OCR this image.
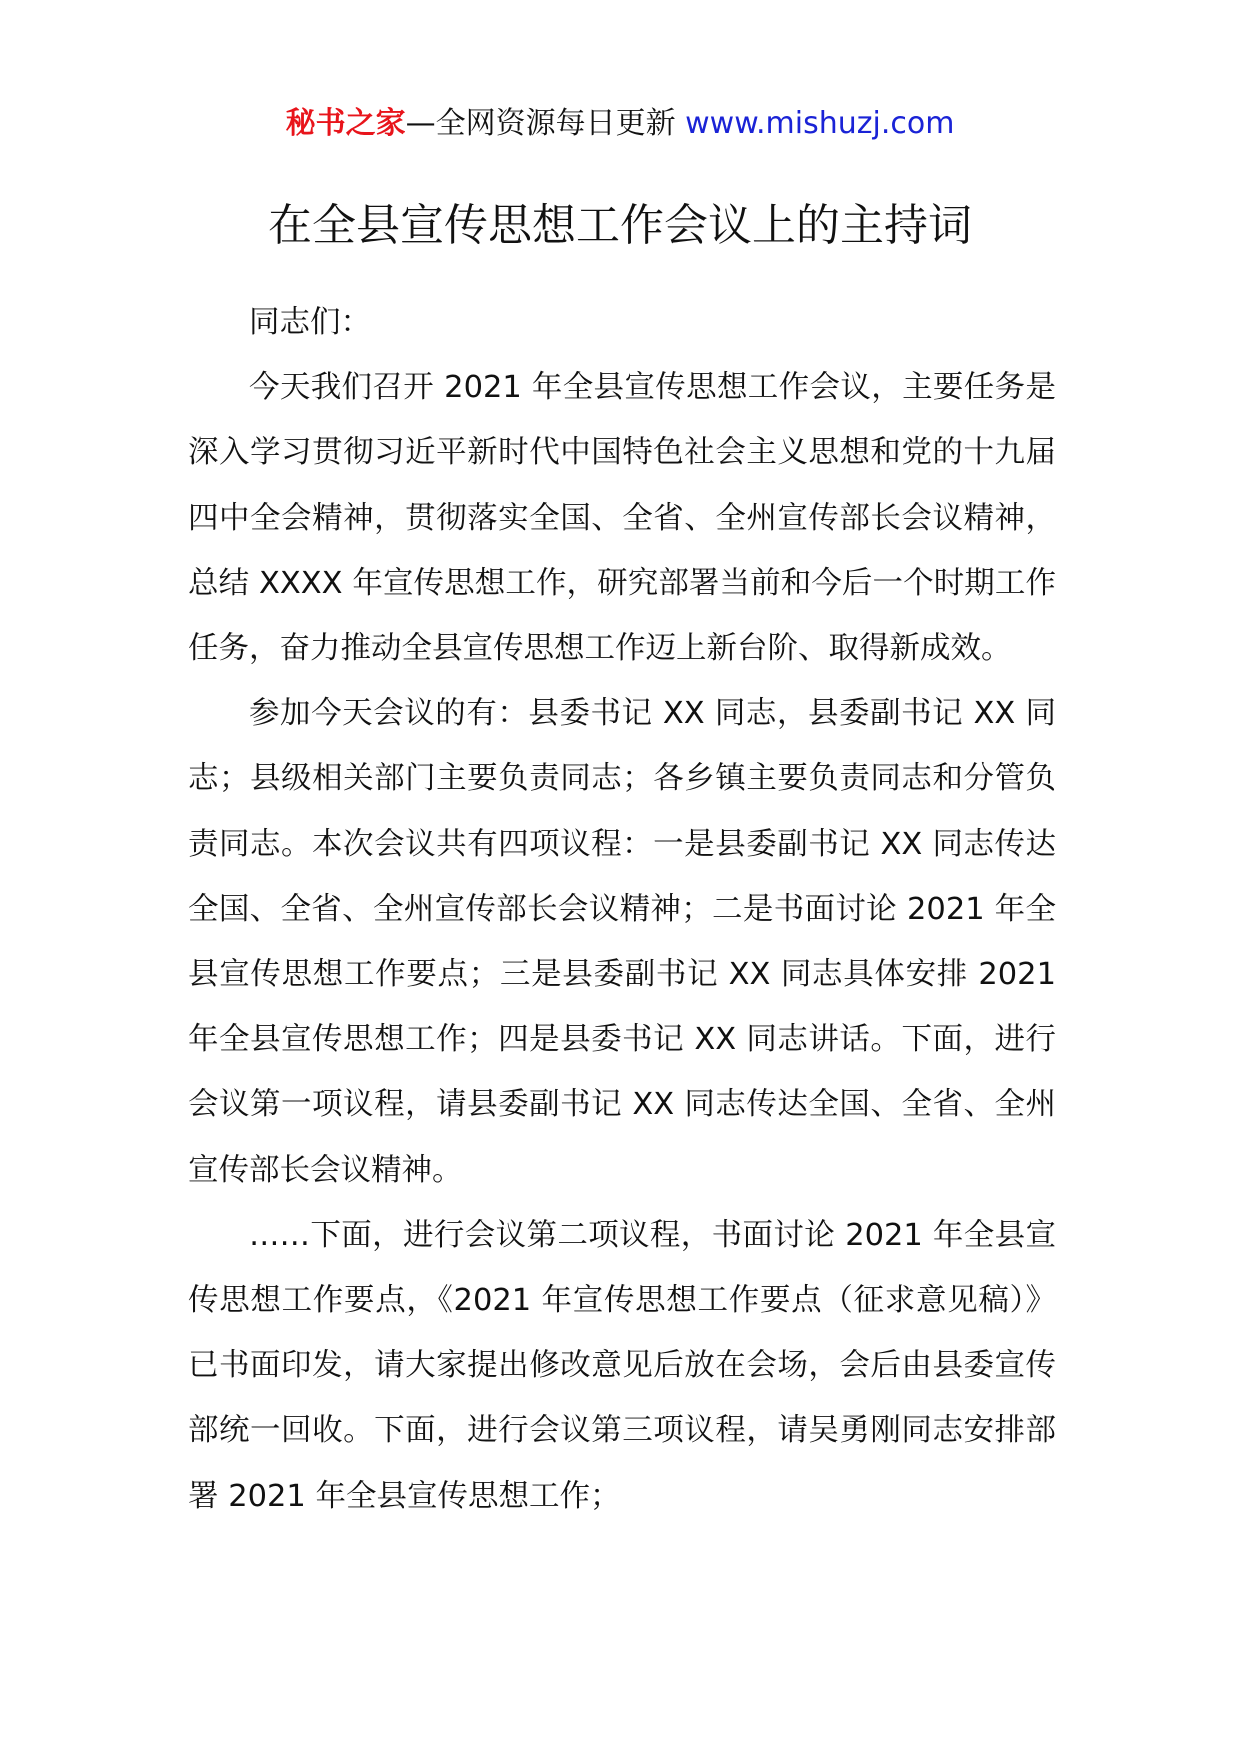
秘书之家—全网资源每日更新 www.mishuzj.com
在全县宣传思想工作会议上的主持词

同志们：

今天我们召开 2021 年全县宣传思想工作会议，主要任务是深入学习贯彻习近平新时代中国特色社会主义思想和党的十九届四中全会精神，贯彻落实全国、全省、全州宣传部长会议精神，总结 XXXX 年宣传思想工作，研究部署当前和今后一个时期工作任务，奋力推动全县宣传思想工作迈上新台阶、取得新成效。

参加今天会议的有：县委书记 XX 同志，县委副书记 XX 同志；县级相关部门主要负责同志；各乡镇主要负责同志和分管负责同志。本次会议共有四项议程：一是县委副书记 XX 同志传达全国、全省、全州宣传部长会议精神；二是书面讨论 2021 年全县宣传思想工作要点；三是县委副书记 XX 同志具体安排 2021 年全县宣传思想工作；四是县委书记 XX 同志讲话。下面，进行会议第一项议程，请县委副书记 XX 同志传达全国、全省、全州宣传部长会议精神。

……下面，进行会议第二项议程，书面讨论 2021 年全县宣传思想工作要点，《2021 年宣传思想工作要点（征求意见稿）》已书面印发，请大家提出修改意见后放在会场，会后由县委宣传部统一回收。下面，进行会议第三项议程，请吴勇刚同志安排部署 2021 年全县宣传思想工作；
